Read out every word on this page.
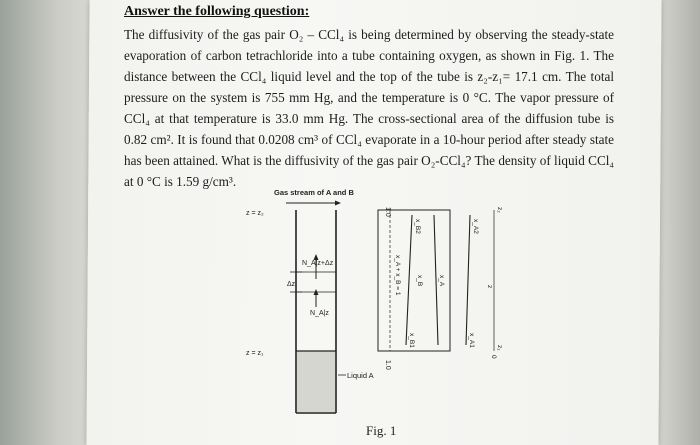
Answer the following question:
The diffusivity of the gas pair O₂ – CCl₄ is being determined by observing the steady-state evaporation of carbon tetrachloride into a tube containing oxygen, as shown in Fig. 1. The distance between the CCl₄ liquid level and the top of the tube is z₂-z₁= 17.1 cm. The total pressure on the system is 755 mm Hg, and the temperature is 0 °C. The vapor pressure of CCl₄ at that temperature is 33.0 mm Hg. The cross-sectional area of the diffusion tube is 0.82 cm². It is found that 0.0208 cm³ of CCl₄ evaporate in a 10-hour period after steady state has been attained. What is the diffusivity of the gas pair O₂-CCl₄? The density of liquid CCl₄ at 0 °C is 1.59 g/cm³.
Gas stream of A and B
z = z₂
z = z₁
N_A|z+Δz
N_A|z
Δz
Liquid A
1.0
1.0
x_A + x_B = 1 x_B x_A
x_B2
x_B1
x_A2
x_A1
z
z₂
z₁
0
Fig. 1
